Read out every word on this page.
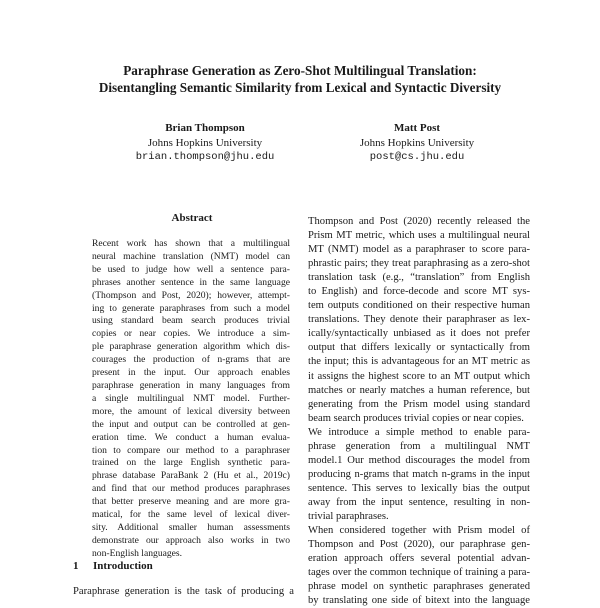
Paraphrase Generation as Zero-Shot Multilingual Translation:
Disentangling Semantic Similarity from Lexical and Syntactic Diversity
Brian Thompson
Johns Hopkins University
brian.thompson@jhu.edu
Matt Post
Johns Hopkins University
post@cs.jhu.edu
Abstract
Recent work has shown that a multilingual
neural machine translation (NMT) model can
be used to judge how well a sentence para-
phrases another sentence in the same language
(Thompson and Post, 2020); however, attempt-
ing to generate paraphrases from such a model
using standard beam search produces trivial
copies or near copies. We introduce a sim-
ple paraphrase generation algorithm which dis-
courages the production of n-grams that are
present in the input. Our approach enables
paraphrase generation in many languages from
a single multilingual NMT model. Further-
more, the amount of lexical diversity between
the input and output can be controlled at gen-
eration time. We conduct a human evalua-
tion to compare our method to a paraphraser
trained on the large English synthetic para-
phrase database ParaBank 2 (Hu et al., 2019c)
and find that our method produces paraphrases
that better preserve meaning and are more gra-
matical, for the same level of lexical diver-
sity. Additional smaller human assessments
demonstrate our approach also works in two
non-English languages.
1 Introduction
Paraphrase generation is the task of producing a
Thompson and Post (2020) recently released the
Prism MT metric, which uses a multilingual neural
MT (NMT) model as a paraphraser to score para-
phrastic pairs; they treat paraphrasing as a zero-shot
translation task (e.g., “translation” from English
to English) and force-decode and score MT sys-
tem outputs conditioned on their respective human
translations. They denote their paraphraser as lex-
ically/syntactically unbiased as it does not prefer
output that differs lexically or syntactically from
the input; this is advantageous for an MT metric as
it assigns the highest score to an MT output which
matches or nearly matches a human reference, but
generating from the Prism model using standard
beam search produces trivial copies or near copies.
We introduce a simple method to enable para-
phrase generation from a multilingual NMT
model.1 Our method discourages the model from
producing n-grams that match n-grams in the input
sentence. This serves to lexically bias the output
away from the input sentence, resulting in non-
trivial paraphrases.
When considered together with Prism model of
Thompson and Post (2020), our paraphrase gen-
eration approach offers several potential advan-
tages over the common technique of training a para-
phrase model on synthetic paraphrases generated
by translating one side of bitext into the language
